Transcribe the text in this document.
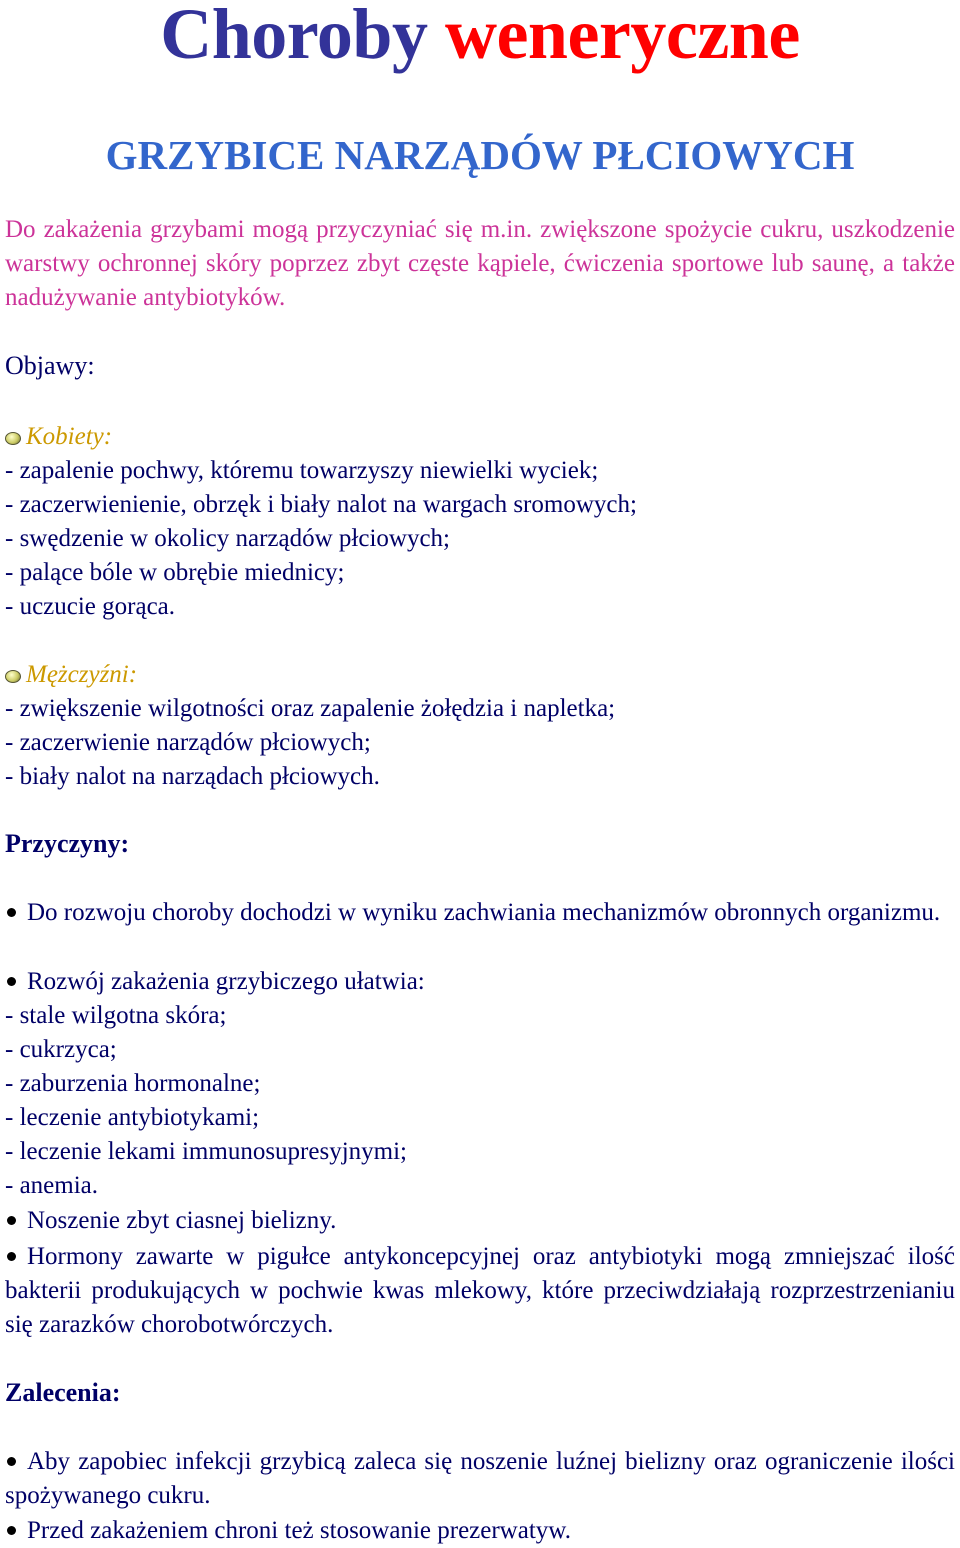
Choroby weneryczne
GRZYBICE NARZĄDÓW PŁCIOWYCH

Do zakażenia grzybami mogą przyczyniać się m.in. zwiększone spożycie cukru, uszkodzenie warstwy ochronnej skóry poprzez zbyt częste kąpiele, ćwiczenia sportowe lub saunę, a także nadużywanie antybiotyków.

Objawy:
Kobiety:
- zapalenie pochwy, któremu towarzyszy niewielki wyciek;
- zaczerwienienie, obrzęk i biały nalot na wargach sromowych;
- swędzenie w okolicy narządów płciowych;
- palące bóle w obrębie miednicy;
- uczucie gorąca.
Mężczyźni:
- zwiększenie wilgotności oraz zapalenie żołędzia i napletka;
- zaczerwienie narządów płciowych;
- biały nalot na narządach płciowych.
Przyczyny:

Do rozwoju choroby dochodzi w wyniku zachwiania mechanizmów obronnych organizmu.

Rozwój zakażenia grzybiczego ułatwia:

- stale wilgotna skóra;
- cukrzyca;
- zaburzenia hormonalne;
- leczenie antybiotykami;
- leczenie lekami immunosupresyjnymi;
- anemia.

Noszenie zbyt ciasnej bielizny.

Hormony zawarte w pigułce antykoncepcyjnej oraz antybiotyki mogą zmniejszać ilość bakterii produkujących w pochwie kwas mlekowy, które przeciwdziałają rozprzestrzenianiu się zarazków chorobotwórczych.

Zalecenia:

Aby zapobiec infekcji grzybicą zaleca się noszenie luźnej bielizny oraz ograniczenie ilości spożywanego cukru.

Przed zakażeniem chroni też stosowanie prezerwatyw.
